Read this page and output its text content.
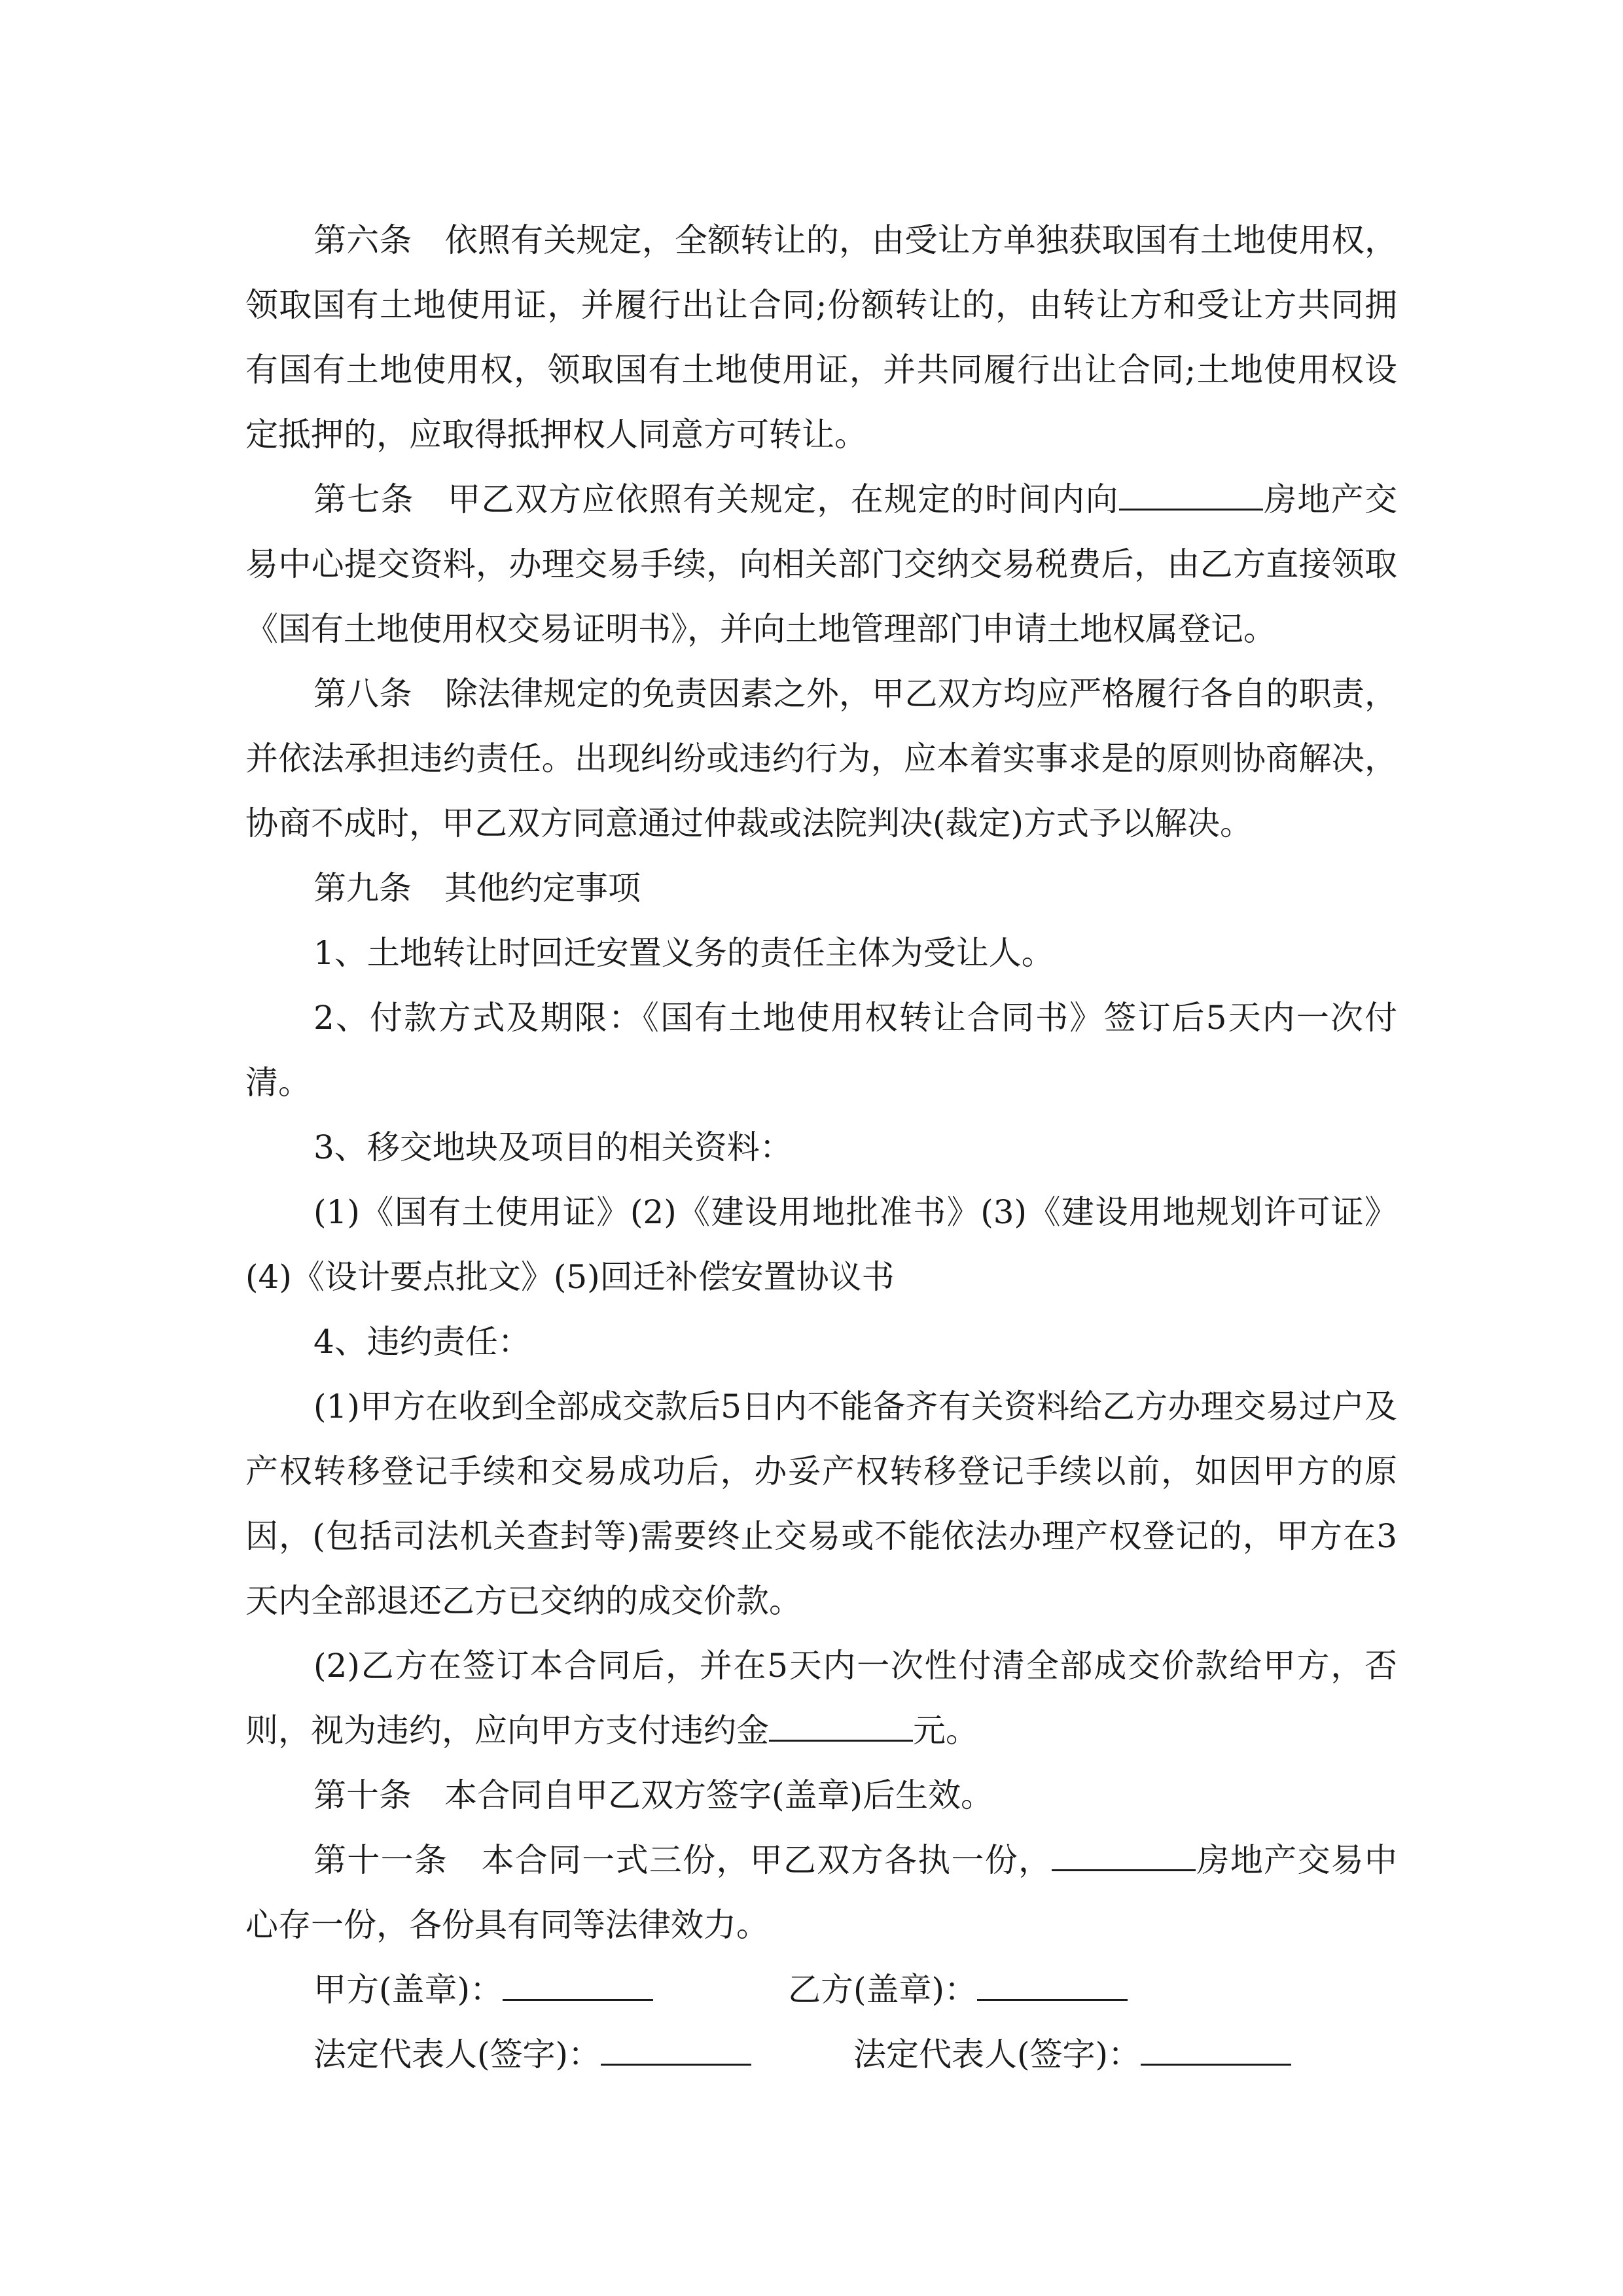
第六条 依照有关规定，全额转让的，由受让方单独获取国有土地使用权，领取国有土地使用证，并履行出让合同;份额转让的，由转让方和受让方共同拥有国有土地使用权，领取国有土地使用证，并共同履行出让合同;土地使用权设定抵押的，应取得抵押权人同意方可转让。

第七条 甲乙双方应依照有关规定，在规定的时间内向	房地产交易中心提交资料，办理交易手续，向相关部门交纳交易税费后，由乙方直接领取《国有土地使用权交易证明书》，并向土地管理部门申请土地权属登记。

第八条 除法律规定的免责因素之外，甲乙双方均应严格履行各自的职责，并依法承担违约责任。出现纠纷或违约行为，应本着实事求是的原则协商解决，协商不成时，甲乙双方同意通过仲裁或法院判决(裁定)方式予以解决。

第九条 其他约定事项

1、土地转让时回迁安置义务的责任主体为受让人。

2、付款方式及期限：《国有土地使用权转让合同书》签订后5天内一次付清。

3、移交地块及项目的相关资料：

(1)《国有土使用证》(2)《建设用地批准书》(3)《建设用地规划许可证》(4)《设计要点批文》(5)回迁补偿安置协议书

4、违约责任：

(1)甲方在收到全部成交款后5日内不能备齐有关资料给乙方办理交易过户及产权转移登记手续和交易成功后，办妥产权转移登记手续以前，如因甲方的原因，(包括司法机关查封等)需要终止交易或不能依法办理产权登记的，甲方在3天内全部退还乙方已交纳的成交价款。

(2)乙方在签订本合同后，并在5天内一次性付清全部成交价款给甲方，否则，视为违约，应向甲方支付违约金	元。

第十条 本合同自甲乙双方签字(盖章)后生效。

第十一条 本合同一式三份，甲乙双方各执一份，	房地产交易中心存一份，各份具有同等法律效力。

甲方(盖章)：	乙方(盖章)：
法定代表人(签字)：	法定代表人(签字)：
